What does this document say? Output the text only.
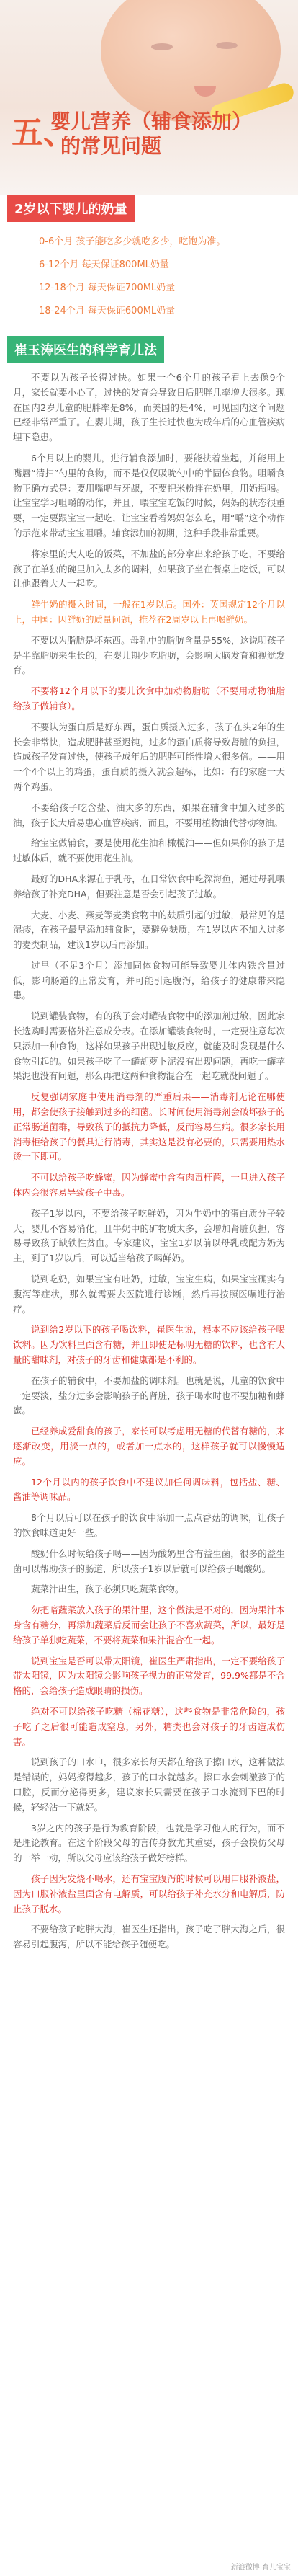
五、
婴儿营养（辅食添加）
的常见问题
2岁以下婴儿的奶量
0-6个月 孩子能吃多少就吃多少，吃饱为准。
6-12个月 每天保证800ML奶量
12-18个月 每天保证700ML奶量
18-24个月 每天保证600ML奶量
崔玉涛医生的科学育儿法

不要以为孩子长得过快。如果一个6个月的孩子看上去像9个月，家长就要小心了，过快的发育会导致日后肥胖几率增大很多。现在国内2岁儿童的肥胖率是8%，而美国的是4%，可见国内这个问题已经非常严重了。在婴儿期，孩子生长过快也为成年后的心血管疾病埋下隐患。

6个月以上的婴儿，进行辅食添加时，要能扶着坐起，并能用上嘴唇“清扫”勺里的食物，而不是仅仅吸吮勺中的半固体食物。咀嚼食物正确方式是：要用嘴吧与牙龈，不要把米粉拌在奶里，用奶瓶喝。让宝宝学习咀嚼的动作，并且，喂宝宝吃饭的时候，妈妈的状态很重要，一定要跟宝宝一起吃，让宝宝看着妈妈怎么吃，用“嚼”这个动作的示范来带动宝宝咀嚼。辅食添加的初期，这种手段非常重要。

将家里的大人吃的饭菜，不加盐的部分拿出来给孩子吃，不要给孩子在单独的碗里加入太多的调料，如果孩子坐在餐桌上吃饭，可以让他跟着大人一起吃。

鲜牛奶的摄入时间，一般在1岁以后。国外：英国规定12个月以上，中国：因鲜奶的质量问题，推荐在2周岁以上再喝鲜奶。

不要以为脂肪是坏东西。母乳中的脂肪含量是55%，这说明孩子是半靠脂肪来生长的，在婴儿期少吃脂肪，会影响大脑发育和视觉发育。

不要将12个月以下的婴儿饮食中加动物脂肪（不要用动物油脂给孩子做辅食）。

不要认为蛋白质是好东西，蛋白质摄入过多，孩子在头2年的生长会非常快，造成肥胖甚至迟钝，过多的蛋白质将导致肾脏的负担，造成孩子发育过快，使孩子成年后的肥胖可能性增大很多倍。——用一个4个以上的鸡蛋，蛋白质的摄入就会超标，比如：有的家庭一天两个鸡蛋。

不要给孩子吃含盐、油太多的东西，如果在辅食中加入过多的油，孩子长大后易患心血管疾病，而且，不要用植物油代替动物油。

给宝宝做辅食，要是使用花生油和橄榄油——但如果你的孩子是过敏体质，就不要使用花生油。

最好的DHA来源在于乳母，在日常饮食中吃深海鱼，通过母乳喂养给孩子补充DHA，但要注意是否会引起孩子过敏。

大麦、小麦、燕麦等麦类食物中的麸质引起的过敏，最常见的是湿疹，在孩子最早添加辅食时，要避免麸质，在1岁以内不加入过多的麦类制品，建议1岁以后再添加。

过早（不足3个月）添加固体食物可能导致婴儿体内铁含量过低，影响肠道的正常发育，并可能引起腹泻，给孩子的健康带来隐患。

说到罐装食物，有的孩子会对罐装食物中的添加剂过敏，因此家长选购时需要格外注意成分表。在添加罐装食物时，一定要注意每次只添加一种食物，这样如果孩子出现过敏反应，就能及时发现是什么食物引起的。如果孩子吃了一罐胡萝卜泥没有出现问题，再吃一罐苹果泥也没有问题，那么再把这两种食物混合在一起吃就没问题了。

反复强调家庭中使用消毒剂的严重后果——消毒剂无论在哪使用，都会使孩子接触到过多的细菌。长时间使用消毒剂会破坏孩子的正常肠道菌群，导致孩子的抵抗力降低，反而容易生病。很多家长用消毒柜给孩子的餐具进行消毒，其实这是没有必要的，只需要用热水烫一下即可。

不可以给孩子吃蜂蜜，因为蜂蜜中含有肉毒杆菌，一旦进入孩子体内会很容易导致孩子中毒。

孩子1岁以内，不要给孩子吃鲜奶，因为牛奶中的蛋白质分子较大，婴儿不容易消化，且牛奶中的矿物质太多，会增加肾脏负担，容易导致孩子缺铁性贫血。专家建议，宝宝1岁以前以母乳或配方奶为主，到了1岁以后，可以适当给孩子喝鲜奶。

说到吃奶，如果宝宝有吐奶，过敏，宝宝生病，如果宝宝确实有腹泻等症状，那么就需要去医院进行诊断，然后再按照医嘱进行治疗。

说到给2岁以下的孩子喝饮料，崔医生说，根本不应该给孩子喝饮料。因为饮料里面含有糖，并且即使是标明无糖的饮料，也含有大量的甜味剂，对孩子的牙齿和健康都是不利的。

在孩子的辅食中，不要加盐的调味剂。也就是说，儿童的饮食中一定要淡，盐分过多会影响孩子的肾脏，孩子喝水时也不要加糖和蜂蜜。

已经养成爱甜食的孩子，家长可以考虑用无糖的代替有糖的，来逐渐改变，用淡一点的，或者加一点水的，这样孩子就可以慢慢适应。

12个月以内的孩子饮食中不建议加任何调味料，包括盐、糖、酱油等调味品。

8个月以后可以在孩子的饮食中添加一点点香菇的调味，让孩子的饮食味道更好一些。

酸奶什么时候给孩子喝——因为酸奶里含有益生菌，很多的益生菌可以帮助孩子的肠道，所以孩子1岁以后就可以给孩子喝酸奶。

蔬菜汁出生，孩子必须只吃蔬菜食物。

勿把暗蔬菜放入孩子的果汁里，这个做法是不对的，因为果汁本身含有糖分，再添加蔬菜后反而会让孩子不喜欢蔬菜，所以，最好是给孩子单独吃蔬菜，不要将蔬菜和果汁混合在一起。

说到宝宝是否可以带太阳镜，崔医生严肃指出，一定不要给孩子带太阳镜，因为太阳镜会影响孩子视力的正常发育，99.9%都是不合格的，会给孩子造成眼睛的损伤。

绝对不可以给孩子吃糖（棉花糖），这些食物是非常危险的，孩子吃了之后很可能造成窒息，另外，糖类也会对孩子的牙齿造成伤害。

说到孩子的口水巾，很多家长每天都在给孩子擦口水，这种做法是错误的，妈妈擦得越多，孩子的口水就越多。擦口水会刺激孩子的口腔，反而分泌得更多，建议家长只需要在孩子口水流到下巴的时候，轻轻沾一下就好。

3岁之内的孩子是行为教育阶段，也就是学习他人的行为，而不是理论教育。在这个阶段父母的言传身教尤其重要，孩子会模仿父母的一举一动，所以父母应该给孩子做好榜样。

孩子因为发烧不喝水，还有宝宝腹泻的时候可以用口服补液盐，因为口服补液盐里面含有电解质，可以给孩子补充水分和电解质，防止孩子脱水。

不要给孩子吃胖大海，崔医生还指出，孩子吃了胖大海之后，很容易引起腹泻，所以不能给孩子随便吃。

新浪微博 育儿宝宝
